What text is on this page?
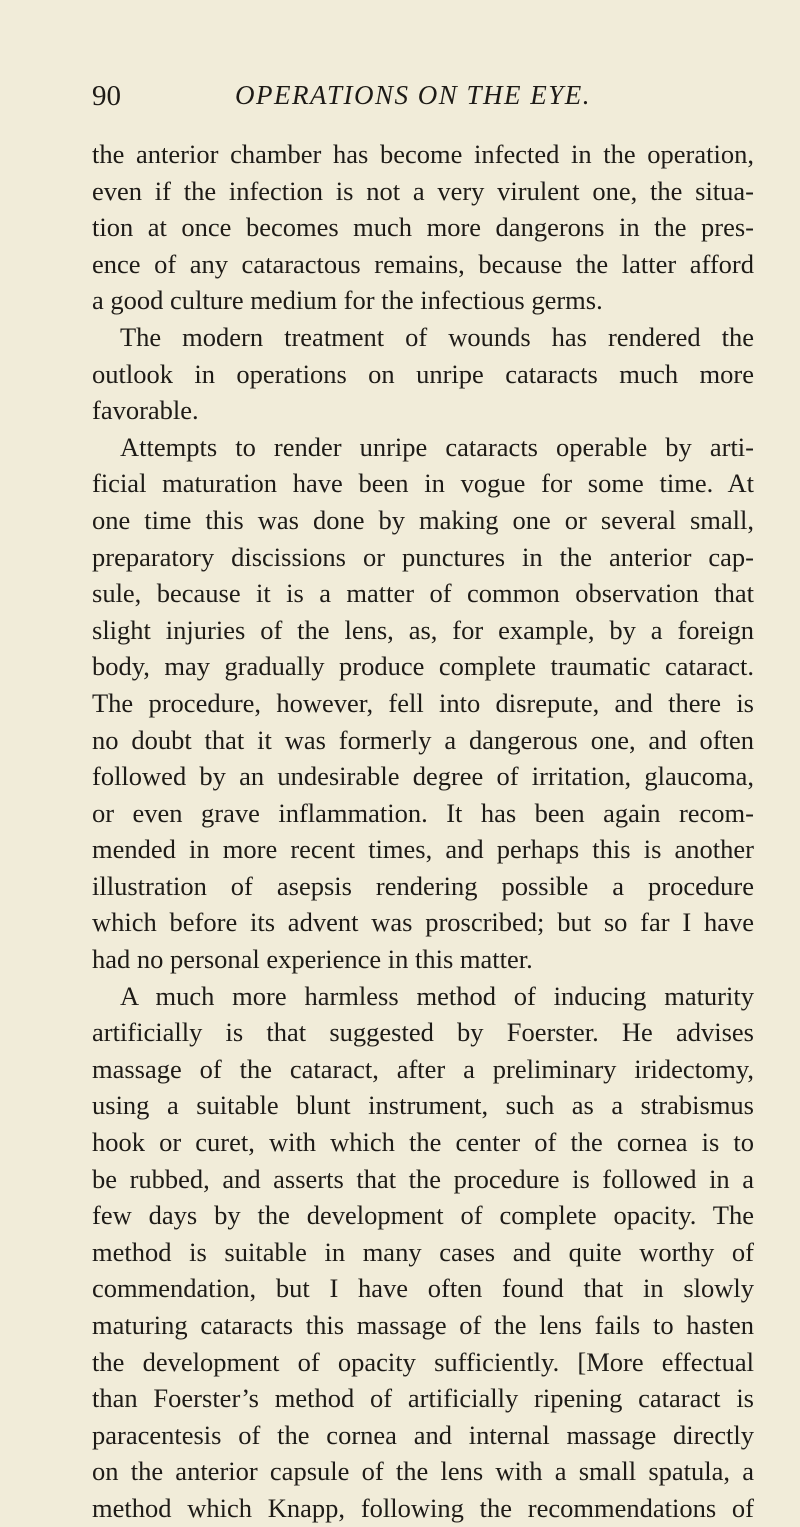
90	OPERATIONS ON THE EYE.
the anterior chamber has become infected in the operation,
even if the infection is not a very virulent one, the situa-
tion at once becomes much more dangerons in the pres-
ence of any cataractous remains, because the latter afford
a good culture medium for the infectious germs.
The modern treatment of wounds has rendered the
outlook in operations on unripe cataracts much more
favorable.
Attempts to render unripe cataracts operable by arti-
ficial maturation have been in vogue for some time. At
one time this was done by making one or several small,
preparatory discissions or punctures in the anterior cap-
sule, because it is a matter of common observation that
slight injuries of the lens, as, for example, by a foreign
body, may gradually produce complete traumatic cataract.
The procedure, however, fell into disrepute, and there is
no doubt that it was formerly a dangerous one, and often
followed by an undesirable degree of irritation, glaucoma,
or even grave inflammation. It has been again recom-
mended in more recent times, and perhaps this is another
illustration of asepsis rendering possible a procedure
which before its advent was proscribed; but so far I have
had no personal experience in this matter.
A much more harmless method of inducing maturity
artificially is that suggested by Foerster. He advises
massage of the cataract, after a preliminary iridectomy,
using a suitable blunt instrument, such as a strabismus
hook or curet, with which the center of the cornea is to
be rubbed, and asserts that the procedure is followed in a
few days by the development of complete opacity. The
method is suitable in many cases and quite worthy of
commendation, but I have often found that in slowly
maturing cataracts this massage of the lens fails to hasten
the development of opacity sufficiently. [More effectual
than Foerster’s method of artificially ripening cataract is
paracentesis of the cornea and internal massage directly
on the anterior capsule of the lens with a small spatula, a
method which Knapp, following the recommendations of
